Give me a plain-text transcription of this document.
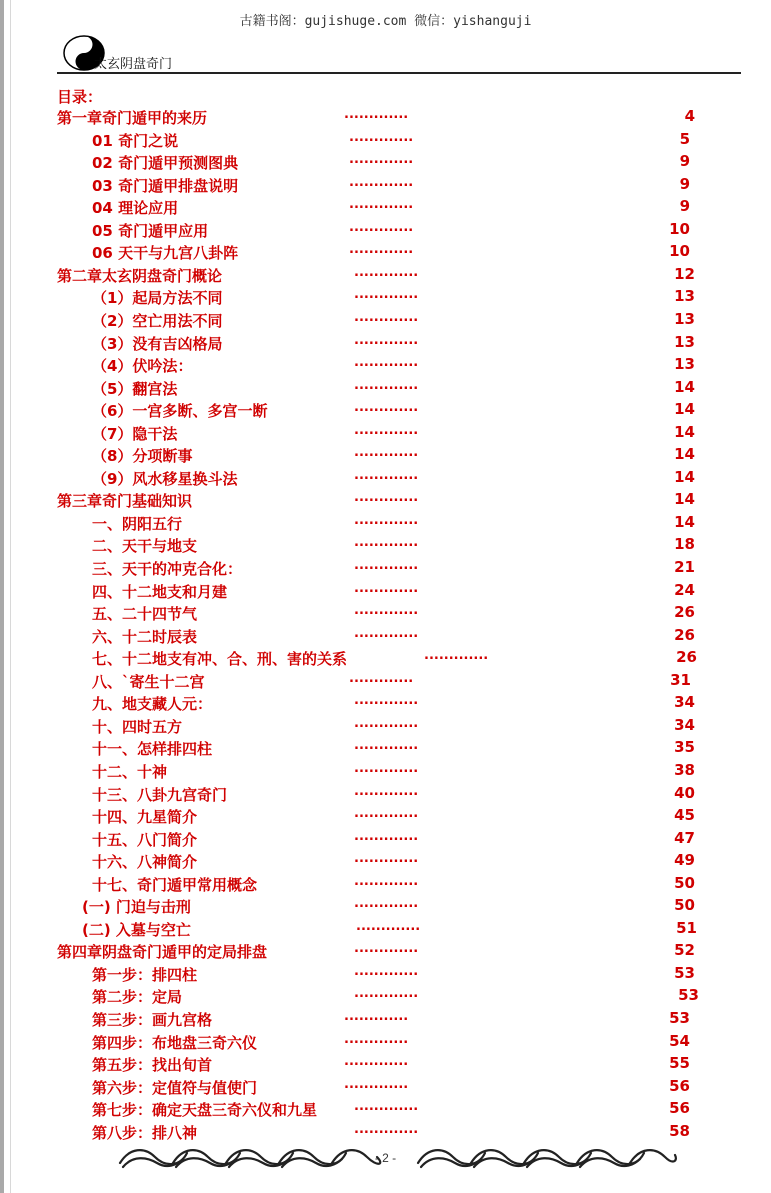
古籍书阁：gujishuge.com 微信：yishanguji
太玄阴盘奇门
目录：
第一章奇门遁甲的来历	.............	4
01 奇门之说	.............	5
02 奇门遁甲预测图典	.............	9
03 奇门遁甲排盘说明	.............	9
04 理论应用	.............	9
05 奇门遁甲应用	.............	10
06 天干与九宫八卦阵	.............	10
第二章太玄阴盘奇门概论	.............	12
（1）起局方法不同	.............	13
（2）空亡用法不同	.............	13
（3）没有吉凶格局	.............	13
（4）伏吟法：	.............	13
（5）翻宫法	.............	14
（6）一宫多断、多宫一断	.............	14
（7）隐干法	.............	14
（8）分项断事	.............	14
（9）风水移星换斗法	.............	14
第三章奇门基础知识	.............	14
一、阴阳五行	.............	14
二、天干与地支	.............	18
三、天干的冲克合化：	.............	21
四、十二地支和月建	.............	24
五、二十四节气	.............	26
六、十二时辰表	.............	26
七、十二地支有冲、合、刑、害的关系	.............	26
八、`寄生十二宫	.............	31
九、地支藏人元：	.............	34
十、四时五方	.............	34
十一、怎样排四柱	.............	35
十二、十神	.............	38
十三、八卦九宫奇门	.............	40
十四、九星简介	.............	45
十五、八门简介	.............	47
十六、八神简介	.............	49
十七、奇门遁甲常用概念	.............	50
(一) 门迫与击刑	.............	50
(二) 入墓与空亡	.............	51
第四章阴盘奇门遁甲的定局排盘	.............	52
第一步：排四柱	.............	53
第二步：定局	.............	53
第三步：画九宫格	.............	53
第四步：布地盘三奇六仪	.............	54
第五步：找出旬首	.............	55
第六步：定值符与值使门	.............	56
第七步：确定天盘三奇六仪和九星	.............	56
第八步：排八神	.............	58
- 2 -
